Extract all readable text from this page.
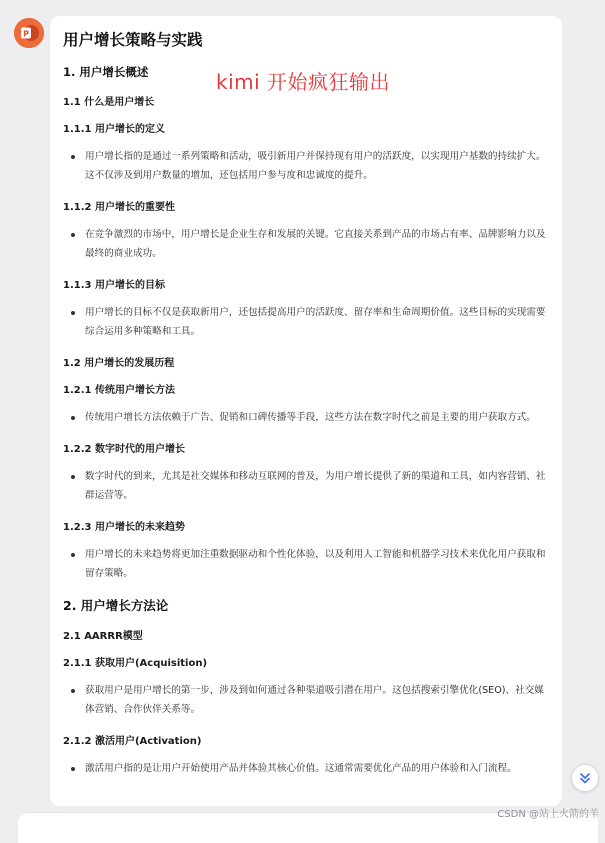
P 用户增长策略与实践
1. 用户增长概述
1.1 什么是用户增长
1.1.1 用户增长的定义
用户增长指的是通过一系列策略和活动，吸引新用户并保持现有用户的活跃度，以实现用户基数的持续扩大。这不仅涉及到用户数量的增加，还包括用户参与度和忠诚度的提升。
1.1.2 用户增长的重要性
在竞争激烈的市场中，用户增长是企业生存和发展的关键。它直接关系到产品的市场占有率、品牌影响力以及最终的商业成功。
1.1.3 用户增长的目标
用户增长的目标不仅是获取新用户，还包括提高用户的活跃度、留存率和生命周期价值。这些目标的实现需要综合运用多种策略和工具。
1.2 用户增长的发展历程
1.2.1 传统用户增长方法
传统用户增长方法依赖于广告、促销和口碑传播等手段，这些方法在数字时代之前是主要的用户获取方式。
1.2.2 数字时代的用户增长
数字时代的到来，尤其是社交媒体和移动互联网的普及，为用户增长提供了新的渠道和工具，如内容营销、社群运营等。
1.2.3 用户增长的未来趋势
用户增长的未来趋势将更加注重数据驱动和个性化体验，以及利用人工智能和机器学习技术来优化用户获取和留存策略。
2. 用户增长方法论
2.1 AARRR模型
2.1.1 获取用户(Acquisition)
获取用户是用户增长的第一步，涉及到如何通过各种渠道吸引潜在用户。这包括搜索引擎优化(SEO)、社交媒体营销、合作伙伴关系等。
2.1.2 激活用户(Activation)
激活用户指的是让用户开始使用产品并体验其核心价值。这通常需要优化产品的用户体验和入门流程。
kimi 开始疯狂输出
CSDN @站上火箭的羊
